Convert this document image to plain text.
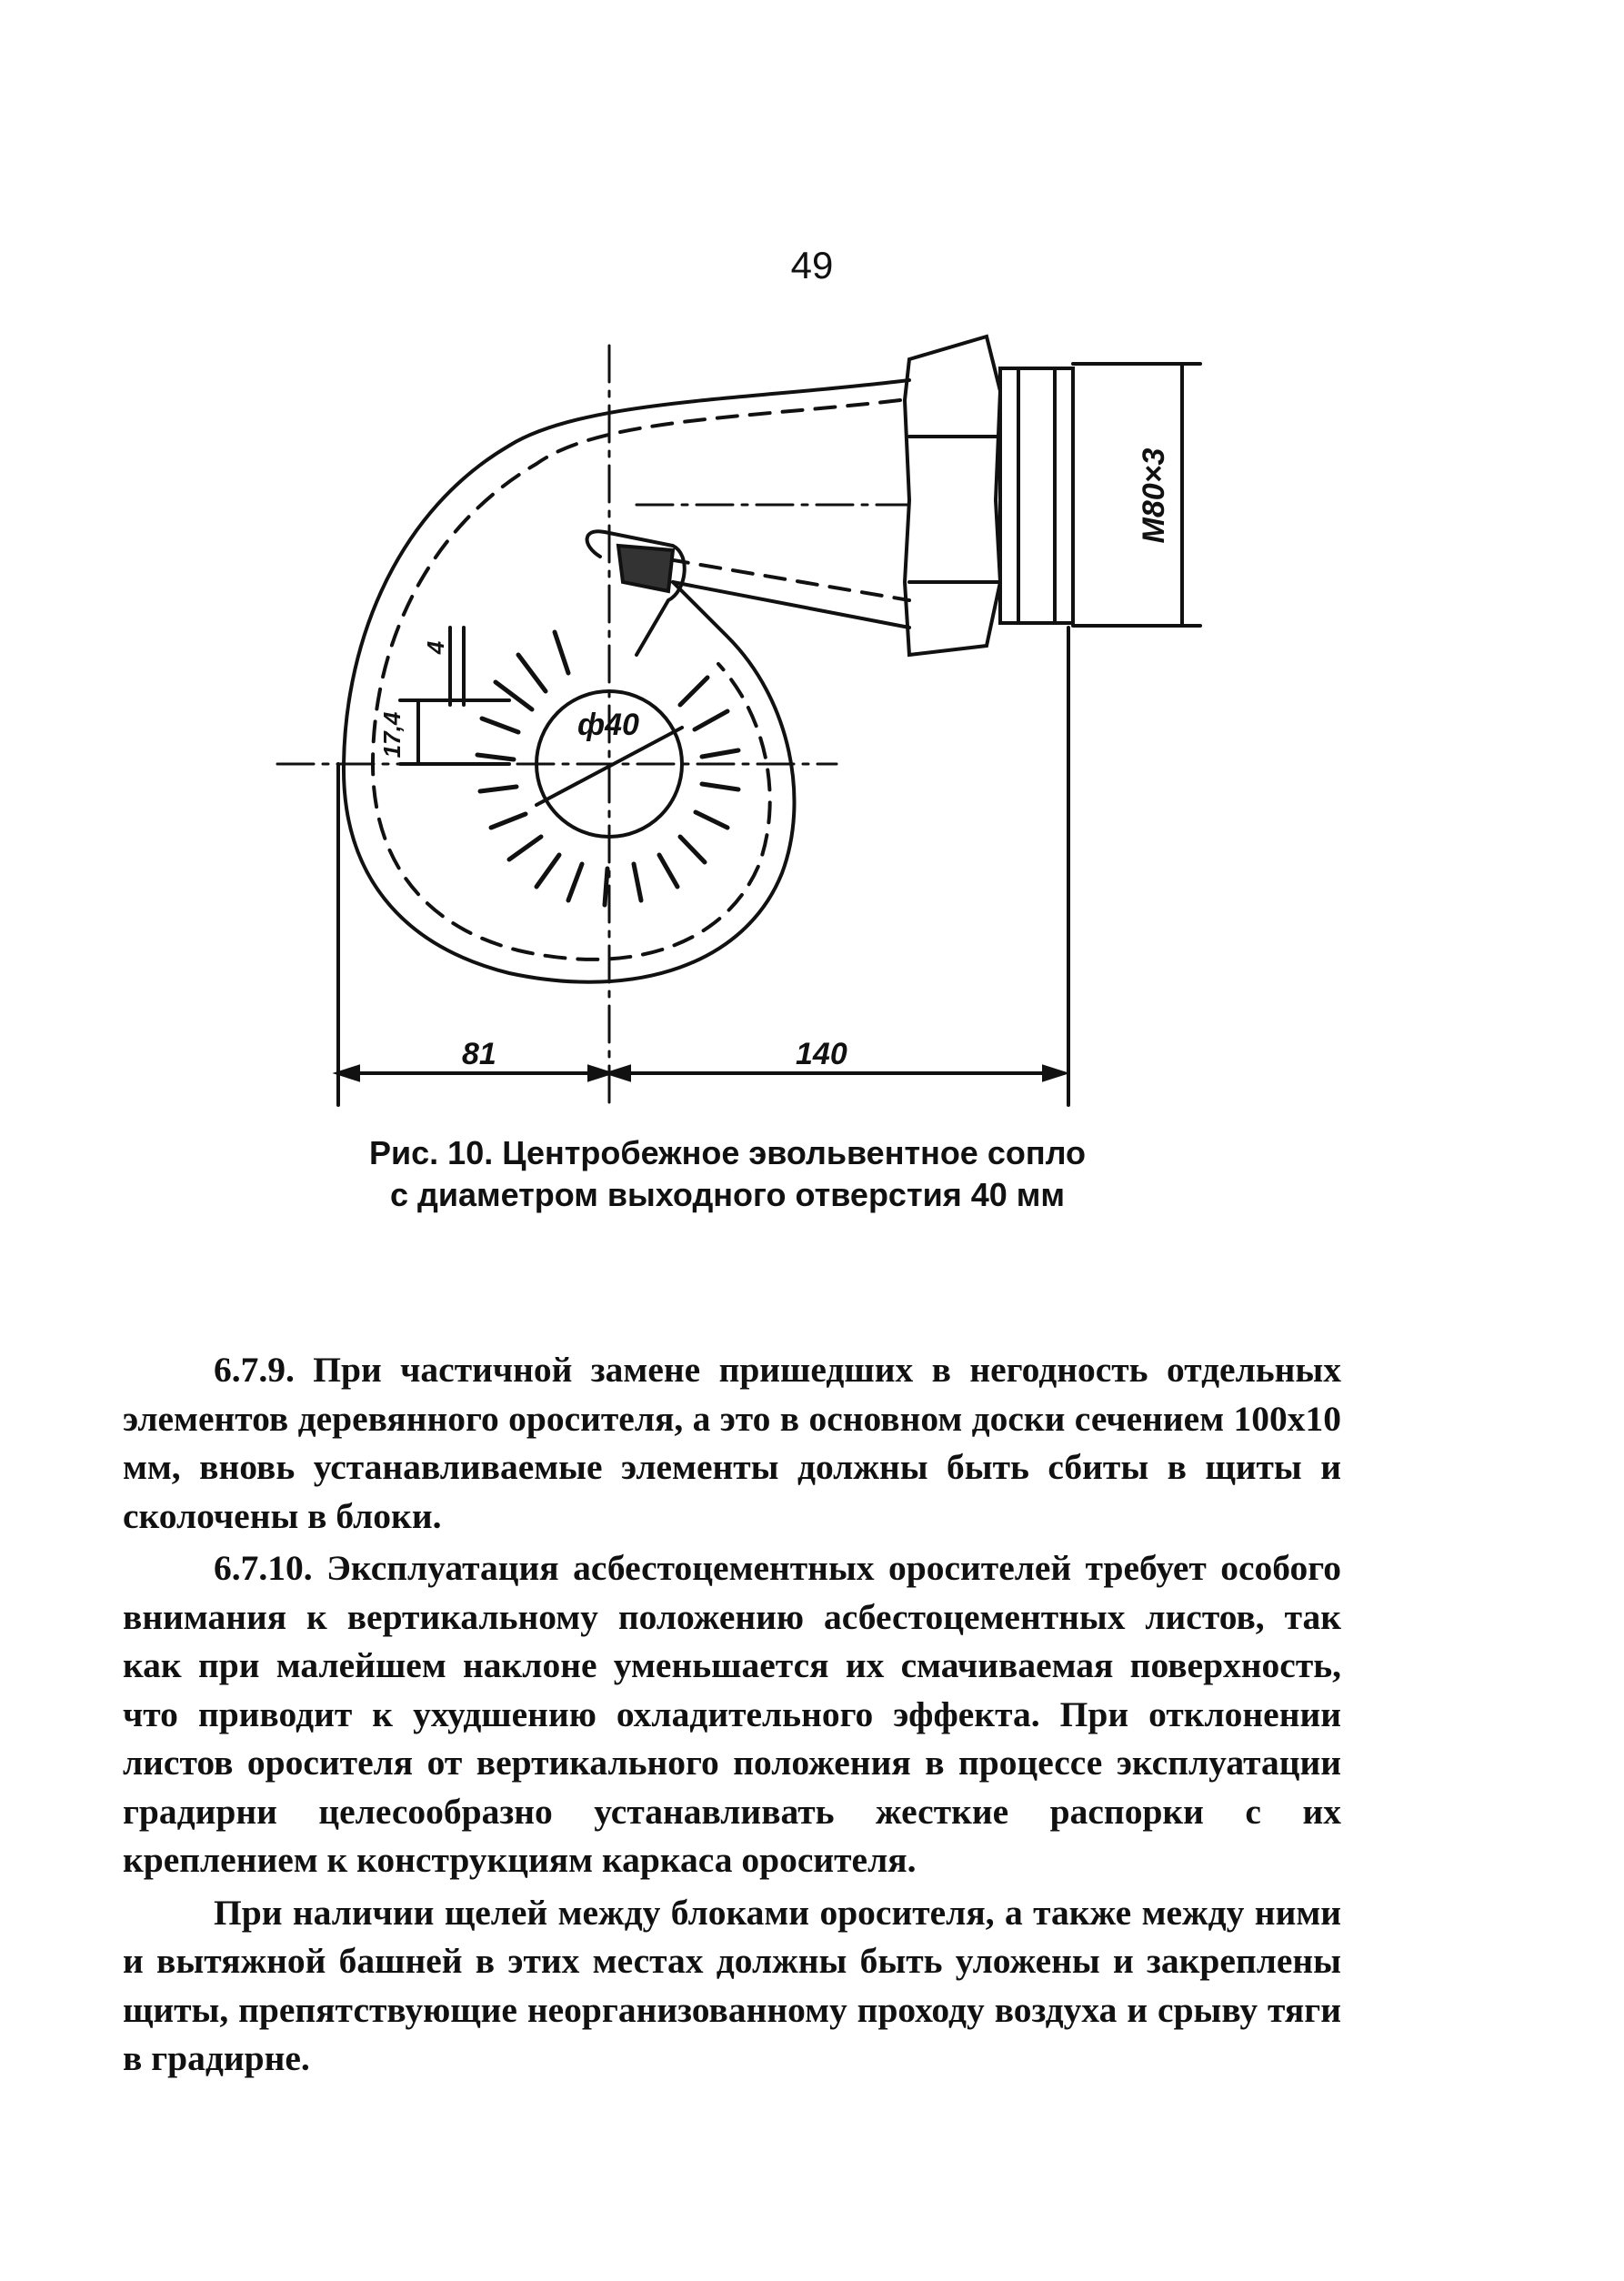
49
M80×3
ф40
81	140
17,4
4
Рис. 10. Центробежное эвольвентное сопло
с диаметром выходного отверстия 40 мм

6.7.9. При частичной замене пришедших в негодность отдельных элементов деревянного оросителя, а это в основном доски сечением 100х10 мм, вновь устанавливаемые элементы должны быть сбиты в щиты и сколочены в блоки.

6.7.10. Эксплуатация асбестоцементных оросителей требует особого внимания к вертикальному положению асбестоцементных листов, так как при малейшем наклоне уменьшается их смачиваемая поверхность, что приводит к ухудшению охладительного эффекта. При отклонении листов оросителя от вертикального положения в процессе эксплуатации градирни целесообразно устанавливать жесткие распорки с их креплением к конструкциям каркаса оросителя.

При наличии щелей между блоками оросителя, а также между ними и вытяжной башней в этих местах должны быть уложены и закреплены щиты, препятствующие неорганизованному проходу воздуха и срыву тяги в градирне.
